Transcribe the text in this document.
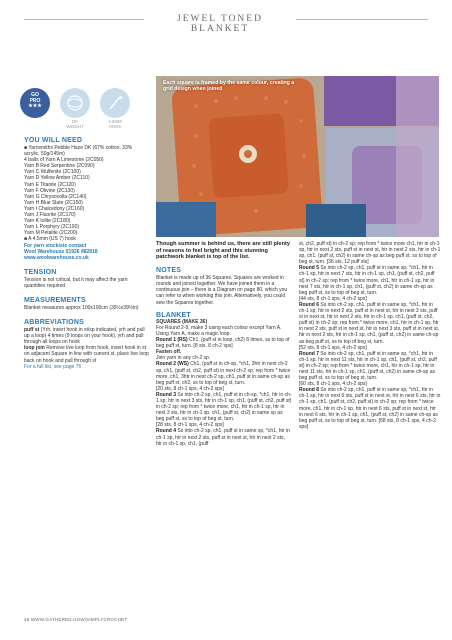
JEWEL TONED BLANKET
GO
PRO
★★★
DK
WEIGHT
4.5MM
HOOK
YOU WILL NEED
■ Yarnsmiths Pebble Haze DK (67% cotton, 33% acrylic, 50g/145m)
4 balls of Yarn A Limestone (2C050)
Yarn B Red Serpentine (2C090)
Yarn C Wulfenite (2C100)
Yarn D Yellow Amber (2C110)
Yarn E Titanite (2C120)
Yarn F Olivine (2C130)
Yarn G Chrysocolla (2C140)
Yarn H Blue Slate (2C150)
Yarn I Chalcedony (2C160)
Yarn J Fluorite (2C170)
Yarn K Iolite (2C180)
Yarn L Porphyry (2C190)
Yarn M Petalite (2C200)
■ A 4.5mm (US 7) hook
For yarn stockists contact
Wool Warehouse 01926 882818
www.woolwarehouse.co.uk
TENSION
Tension is not critical, but it may affect the yarn quantities required
MEASUREMENTS
Blanket measures approx 100x100cm (39½x39½in)
ABBREVIATIONS
puff st (Yrh, insert hook in st/sp indicated, yrh and pull up a loop) 4 times (9 loops on your hook), yrh and pull through all loops on hook
loop join Remove live loop from hook, insert hook in st on adjacent Square in line with current st, place live loop back on hook and pull through st
For a full list, see page 76
Each square is framed by the same colour, creating a grid design when joined
Though summer is behind us, there are still plenty of reasons to feel bright and this stunning patchwork blanket is top of the list.
NOTES
Blanket is made up of 36 Squares. Squares are worked in rounds and joined together. We have joined them in a continuous join – there is a Diagram on page 80, which you can refer to when working this join. Alternatively, you could sew the Squares together.
BLANKET
SQUARES (MAKE 36)
For Round 2-9, make 3 using each colour except Yarn A.
Using Yarn A, make a magic loop.
Round 1 (RS) Ch1, (puff st in loop, ch2) 8 times, ss to top of beg puff st, turn. [8 sts, 8 ch-2 sps]
Fasten off.
Join yarn in any ch-2 sp.
Round 2 (WS) Ch1, (puff st in ch-sp, *ch1, 3htr in next ch-2 sp, ch1, (puff st, ch2, puff st) in next ch-2 sp; rep from * twice more, ch1, 3htr in next ch-2 sp, ch1, puff st in same ch-sp as beg puff st, ch2, ss to top of beg st, turn.
[20 sts, 8 ch-1 sps, 4 ch-2 sps]
Round 3 Ss into ch-2 sp, ch1, puff st in ch-sp, *ch1, htr in ch-1 sp, htr in next 3 sts, htr in ch-1 sp, ch1, (puff st, ch2, puff st) in ch-2 sp; rep from * twice more, ch1, htr in ch-1 sp, htr in next 3 sts, htr in ch-1 sp, ch1, (puff st, ch2) in same sp as beg puff st, ss to top of beg st, turn.
[28 sts, 8 ch-1 sps, 4 ch-2 sps]
Round 4 Ss into ch-2 sp, ch1, puff st in same sp, *ch1, htr in ch-1 sp, htr in next 2 sts, puff st in next st, htr in next 2 sts, htr in ch-1 sp, ch1, (puff
st, ch2, puff st) in ch-2 sp; rep from * twice more ch1, htr in ch-1 sp, htr in next 2 sts, puff st in next st, htr in next 2 sts, htr in ch-1 sp, ch1, (puff st, ch2) in same ch-sp as beg puff st, ss to top of beg st, turn. [36 sts, 12 puff sts]
Round 5 Ss into ch-2 sp, ch1, puff st in same sp, *ch1, htr in ch-1 sp, htr in next 7 sts, htr in ch-1 sp, ch1, (puff st, ch2, puff st) in ch-2 sp; rep from * twice more, ch1, htr in ch-1 sp, htr in next 7 sts, htr in ch-1 sp, ch1, (puff st, ch2) in same ch-sp as beg puff st, ss to top of beg st, turn.
[44 sts, 8 ch-1 sps, 4 ch-2 sps]
Round 6 Ss into ch-2 sp, ch1, puff st in same sp, *ch1, htr in ch-1 sp, htr in next 2 sts, puff st in next st, htr in next 3 sts, puff st in next st, htr in next 2 sts, htr in ch-1 sp, ch1, (puff st, ch2, puff st) in ch-2 sp; rep from * twice more, ch1, htr in ch-1 sp, htr in next 2 sts, puff st in next st, htr in next 3 sts, puff st in next st, htr in next 2 sts, htr in ch-1 sp, ch1, (puff st, ch2) in same ch-sp as beg puff st, ss to top of beg st, turn.
[52 sts, 8 ch-1 sps, 4 ch-2 sps]
Round 7 Ss into ch-2 sp, ch1, puff st in same sp, *ch1, htr in ch-1 sp, htr in next 11 sts, htr in ch-1 sp, ch1, (puff st, ch2, puff st) in ch-2 sp; rep from * twice more, ch1, htr in ch-1 sp, htr in next 11 sts, htr in ch-1 sp, ch1, (puff st, ch2) in same ch-sp as beg puff st, ss to top of beg st, turn.
[60 sts, 8 ch-1 sps, 4 ch-2 sps]
Round 8 Ss into ch-2 sp, ch1, puff st in same sp, *ch1, htr in ch-1 sp, htr in next 6 sts, puff st in next st, htr in next 6 sts, htr in ch-1 sp, ch1, (puff st, ch2, puff st) in ch-2 sp; rep from * twice more, ch1, htr in ch-1 sp, htr in next 6 sts, puff st in next st, htr in next 6 sts, htr in ch-1 sp, ch1, (puff st, ch2) in same ch-sp as beg puff st, ss to top of beg st, turn. [68 sts, 8 ch-1 sps, 4 ch-2 sps]
48 WWW.GATHERED.HOW/SIMPLYCROCHET
